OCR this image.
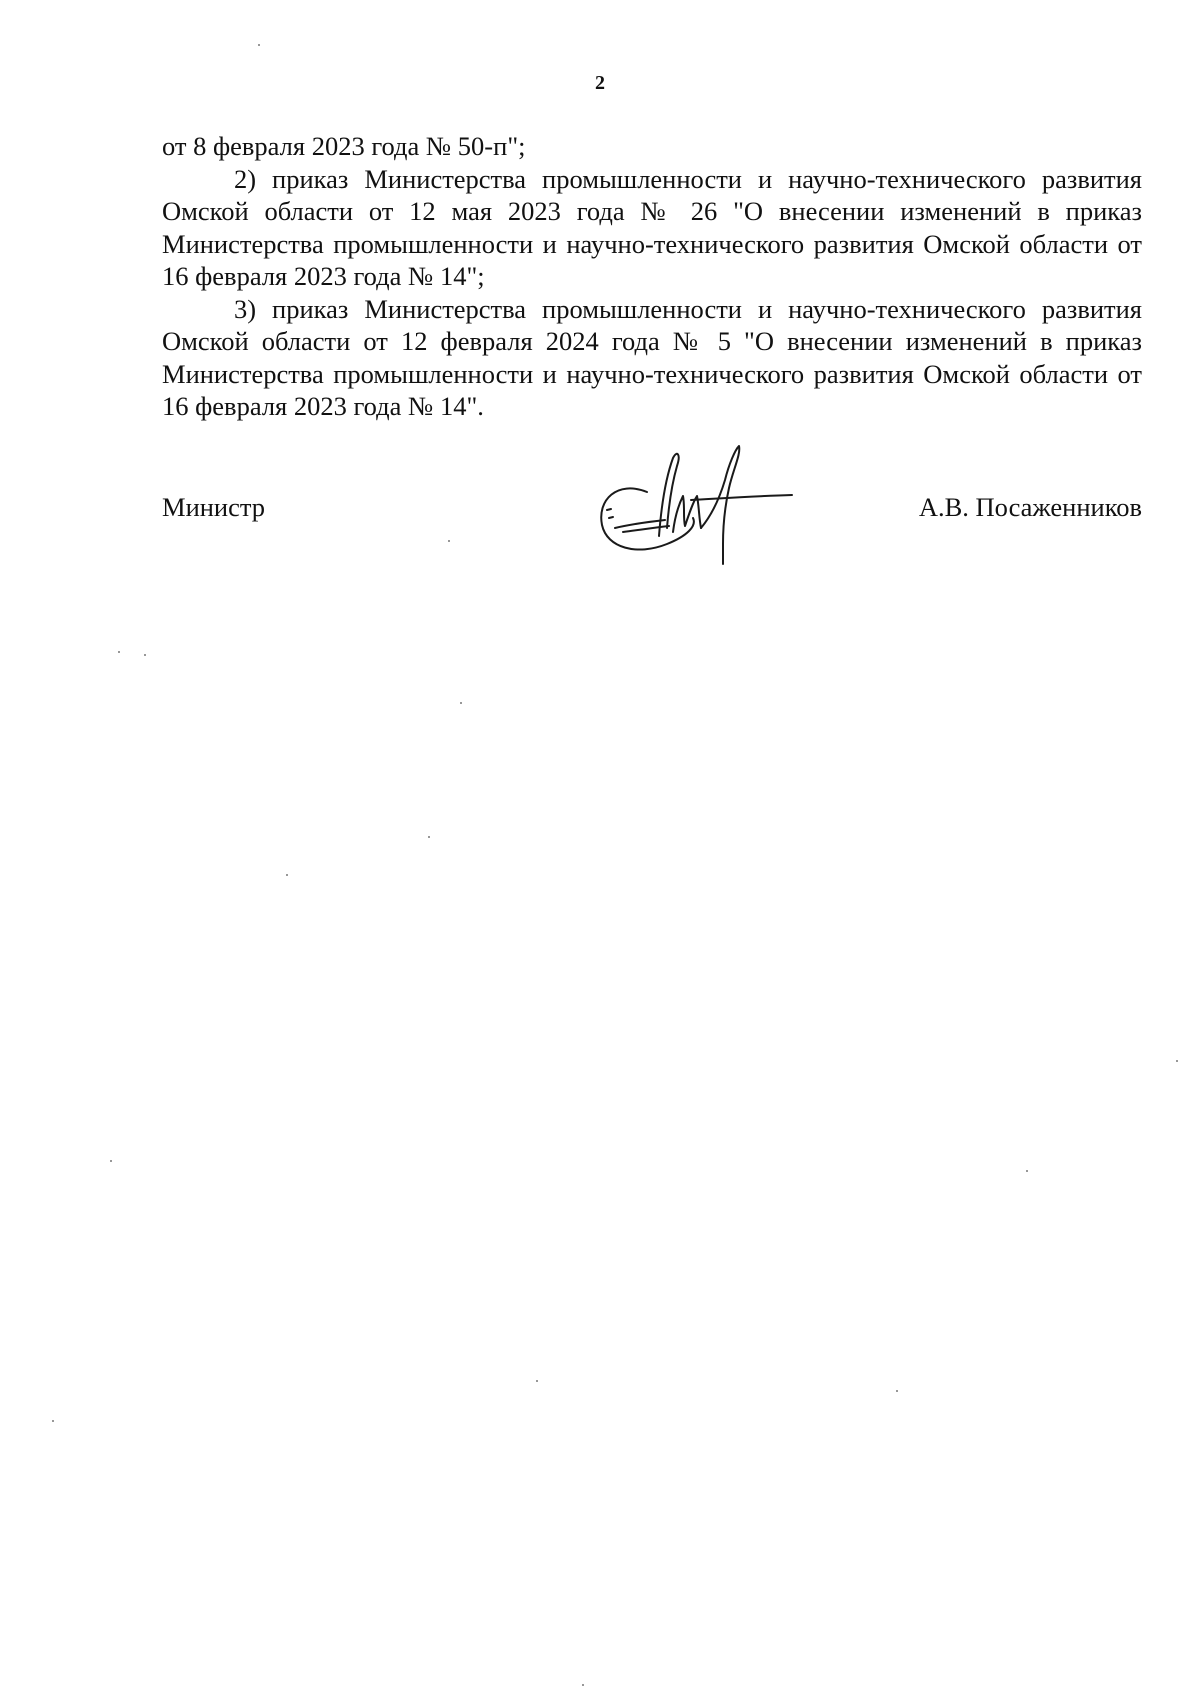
2

от 8 февраля 2023 года № 50-п";

2) приказ Министерства промышленности и научно-технического развития Омской области от 12 мая 2023 года № 26 "О внесении изменений в приказ Министерства промышленности и научно-технического развития Омской области от 16 февраля 2023 года № 14";

3) приказ Министерства промышленности и научно-технического развития Омской области от 12 февраля 2024 года № 5 "О внесении изменений в приказ Министерства промышленности и научно-технического развития Омской области от 16 февраля 2023 года № 14".

Министр	А.В. Посаженников
